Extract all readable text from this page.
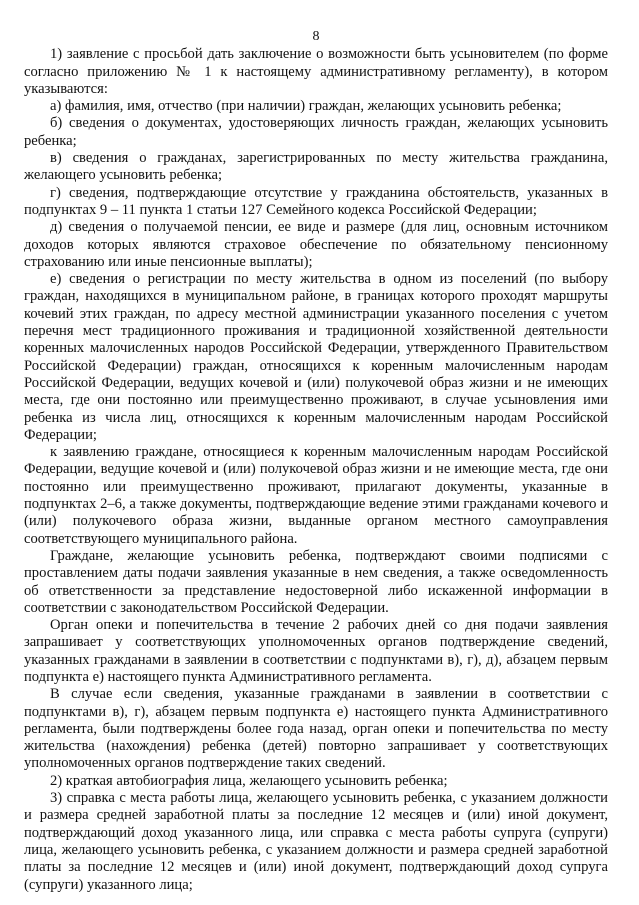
8

1) заявление с просьбой дать заключение о возможности быть усыновителем (по форме согласно приложению № 1 к настоящему административному регламенту), в котором указываются:

а) фамилия, имя, отчество (при наличии) граждан, желающих усыновить ребенка;

б) сведения о документах, удостоверяющих личность граждан, желающих усыновить ребенка;

в) сведения о гражданах, зарегистрированных по месту жительства гражданина, желающего усыновить ребенка;

г) сведения, подтверждающие отсутствие у гражданина обстоятельств, указанных в подпунктах 9 – 11 пункта 1 статьи 127 Семейного кодекса Российской Федерации;

д) сведения о получаемой пенсии, ее виде и размере (для лиц, основным источником доходов которых являются страховое обеспечение по обязательному пенсионному страхованию или иные пенсионные выплаты);

е) сведения о регистрации по месту жительства в одном из поселений (по выбору граждан, находящихся в муниципальном районе, в границах которого проходят маршруты кочевий этих граждан, по адресу местной администрации указанного поселения с учетом перечня мест традиционного проживания и традиционной хозяйственной деятельности коренных малочисленных народов Российской Федерации, утвержденного Правительством Российской Федерации) граждан, относящихся к коренным малочисленным народам Российской Федерации, ведущих кочевой и (или) полукочевой образ жизни и не имеющих места, где они постоянно или преимущественно проживают, в случае усыновления ими ребенка из числа лиц, относящихся к коренным малочисленным народам Российской Федерации;

к заявлению граждане, относящиеся к коренным малочисленным народам Российской Федерации, ведущие кочевой и (или) полукочевой образ жизни и не имеющие места, где они постоянно или преимущественно проживают, прилагают документы, указанные в подпунктах 2–6, а также документы, подтверждающие ведение этими гражданами кочевого и (или) полукочевого образа жизни, выданные органом местного самоуправления соответствующего муниципального района.

Граждане, желающие усыновить ребенка, подтверждают своими подписями с проставлением даты подачи заявления указанные в нем сведения, а также осведомленность об ответственности за представление недостоверной либо искаженной информации в соответствии с законодательством Российской Федерации.

Орган опеки и попечительства в течение 2 рабочих дней со дня подачи заявления запрашивает у соответствующих уполномоченных органов подтверждение сведений, указанных гражданами в заявлении в соответствии с подпунктами в), г), д), абзацем первым подпункта е) настоящего пункта Административного регламента.

В случае если сведения, указанные гражданами в заявлении в соответствии с подпунктами в), г), абзацем первым подпункта е) настоящего пункта Административного регламента, были подтверждены более года назад, орган опеки и попечительства по месту жительства (нахождения) ребенка (детей) повторно запрашивает у соответствующих уполномоченных органов подтверждение таких сведений.

2) краткая автобиография лица, желающего усыновить ребенка;

3) справка с места работы лица, желающего усыновить ребенка, с указанием должности и размера средней заработной платы за последние 12 месяцев и (или) иной документ, подтверждающий доход указанного лица, или справка с места работы супруга (супруги) лица, желающего усыновить ребенка, с указанием должности и размера средней заработной платы за последние 12 месяцев и (или) иной документ, подтверждающий доход супруга (супруги) указанного лица;
